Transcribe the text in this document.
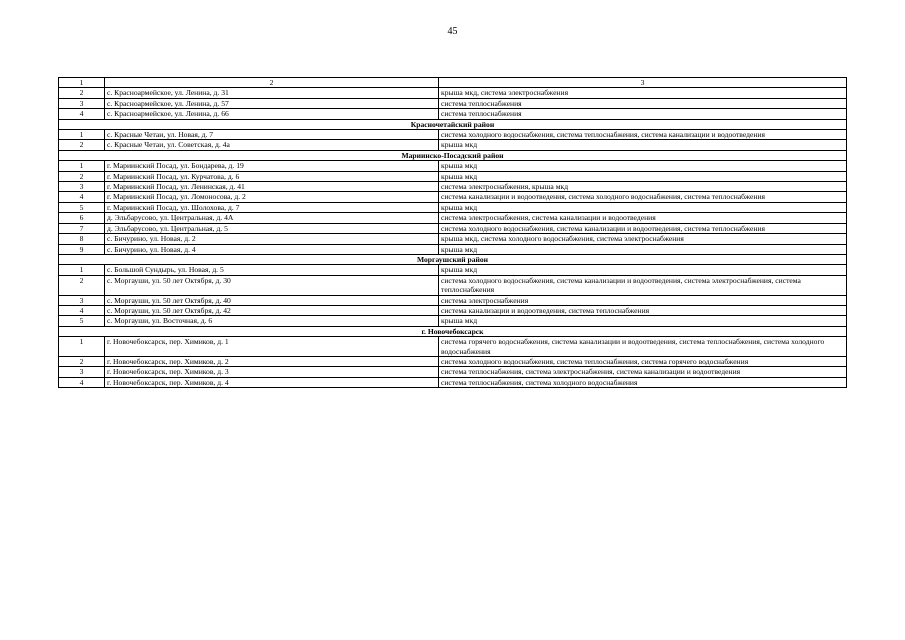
45
1	2	3
2	с. Красноармейское, ул. Ленина, д. 31	крыша мкд, система электроснабжения
3	с. Красноармейское, ул. Ленина, д. 57	система теплоснабжения
4	с. Красноармейское, ул. Ленина, д. 66	система теплоснабжения
Красночетайский район		
1	с. Красные Четаи, ул. Новая, д. 7	система холодного водоснабжения, система теплоснабжения, система канализации и водоотведения
2	с. Красные Четаи, ул. Советская, д. 4а	крыша мкд
Мариинско-Посадский район		
1	г. Мариинский Посад, ул. Бондарева, д. 19	крыша мкд
2	г. Мариинский Посад, ул. Курчатова, д. 6	крыша мкд
3	г. Мариинский Посад, ул. Ленинская, д. 41	система электроснабжения, крыша мкд
4	г. Мариинский Посад, ул. Ломоносова, д. 2	система канализации и водоотведения, система холодного водоснабжения, система теплоснабжения
5	г. Мариинский Посад, ул. Шолохова, д. 7	крыша мкд
6	д. Эльбарусово, ул. Центральная, д. 4А	система электроснабжения, система канализации и водоотведения
7	д. Эльбарусово, ул. Центральная, д. 5	система холодного водоснабжения, система канализации и водоотведения, система теплоснабжения
8	с. Бичурино, ул. Новая, д. 2	крыша мкд, система холодного водоснабжения, система электроснабжения
9	с. Бичурино, ул. Новая, д. 4	крыша мкд
Моргаушский район		
1	с. Большой Сундырь, ул. Новая, д. 5	крыша мкд
2	с. Моргауши, ул. 50 лет Октября, д. 30	система холодного водоснабжения, система канализации и водоотведения, система электроснабжения, система теплоснабжения
3	с. Моргауши, ул. 50 лет Октября, д. 40	система электроснабжения
4	с. Моргауши, ул. 50 лет Октября, д. 42	система канализации и водоотведения, система теплоснабжения
5	с. Моргауши, ул. Восточная, д. 6	крыша мкд
г. Новочебоксарск		
1	г. Новочебоксарск, пер. Химиков, д. 1	система горячего водоснабжения, система канализации и водоотведения, система теплоснабжения, система холодного водоснабжения
2	г. Новочебоксарск, пер. Химиков, д. 2	система холодного водоснабжения, система теплоснабжения, система горячего водоснабжения
3	г. Новочебоксарск, пер. Химиков, д. 3	система теплоснабжения, система электроснабжения, система канализации и водоотведения
4	г. Новочебоксарск, пер. Химиков, д. 4	система теплоснабжения, система холодного водоснабжения
